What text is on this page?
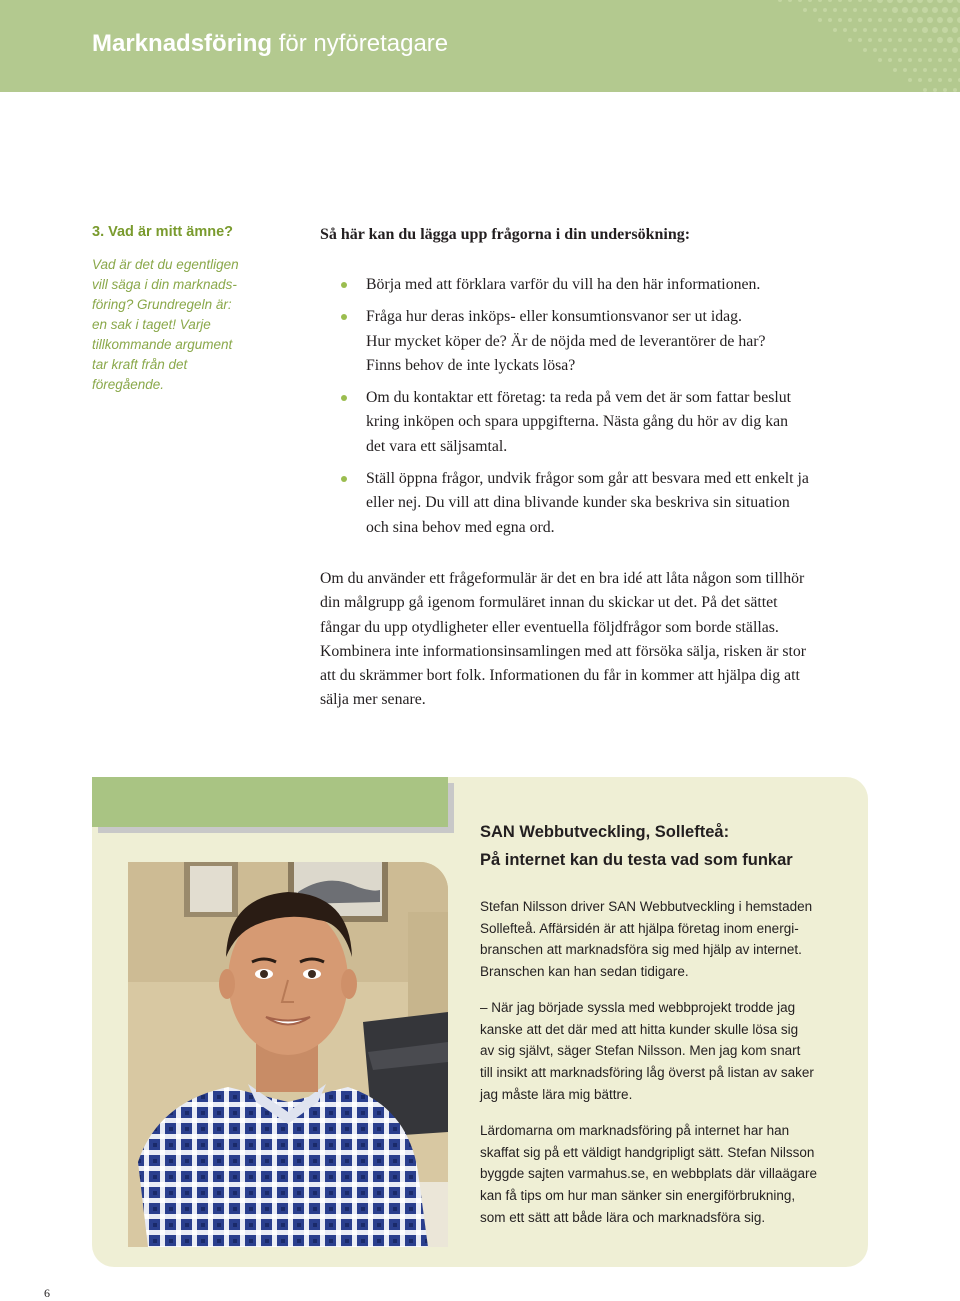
Marknadsföring för nyföretagare
3. Vad är mitt ämne?
Vad är det du egentligen
vill säga i din marknads-
föring? Grundregeln är:
en sak i taget! Varje
tillkommande argument
tar kraft från det
föregående.
Så här kan du lägga upp frågorna i din undersökning:
Börja med att förklara varför du vill ha den här informationen.
Fråga hur deras inköps- eller konsumtionsvanor ser ut idag.
Hur mycket köper de? Är de nöjda med de leverantörer de har?
Finns behov de inte lyckats lösa?
Om du kontaktar ett företag: ta reda på vem det är som fattar beslut
kring inköpen och spara uppgifterna. Nästa gång du hör av dig kan
det vara ett säljsamtal.
Ställ öppna frågor, undvik frågor som går att besvara med ett enkelt ja
eller nej. Du vill att dina blivande kunder ska beskriva sin situation
och sina behov med egna ord.
Om du använder ett frågeformulär är det en bra idé att låta någon som tillhör
din målgrupp gå igenom formuläret innan du skickar ut det. På det sättet
fångar du upp otydligheter eller eventuella följdfrågor som borde ställas.
Kombinera inte informationsinsamlingen med att försöka sälja, risken är stor
att du skrämmer bort folk. Informationen du får in kommer att hjälpa dig att
sälja mer senare.
SAN Webbutveckling, Sollefteå:
På internet kan du testa vad som funkar
Stefan Nilsson driver SAN Webbutveckling i hemstaden
Sollefteå. Affärsidén är att hjälpa företag inom energi-
branschen att marknadsföra sig med hjälp av internet.
Branschen kan han sedan tidigare.
– När jag började syssla med webbprojekt trodde jag
kanske att det där med att hitta kunder skulle lösa sig
av sig självt, säger Stefan Nilsson. Men jag kom snart
till insikt att marknadsföring låg överst på listan av saker
jag måste lära mig bättre.
Lärdomarna om marknadsföring på internet har han
skaffat sig på ett väldigt handgripligt sätt. Stefan Nilsson
byggde sajten varmahus.se, en webbplats där villaägare
kan få tips om hur man sänker sin energiförbrukning,
som ett sätt att både lära och marknadsföra sig.
6
